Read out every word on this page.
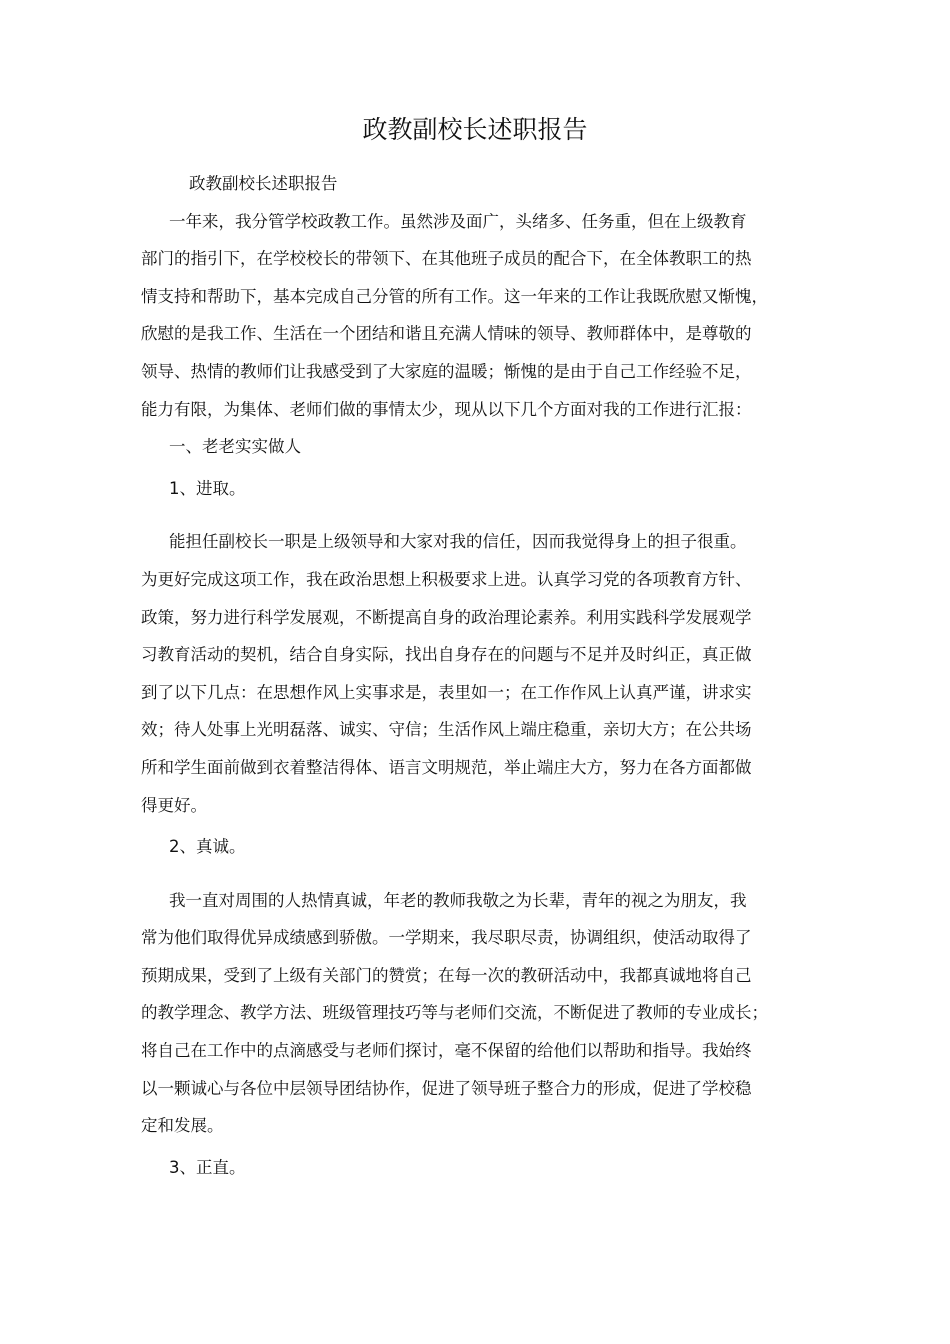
政教副校长述职报告
政教副校长述职报告
一年来，我分管学校政教工作。虽然涉及面广，头绪多、任务重，但在上级教育
部门的指引下，在学校校长的带领下、在其他班子成员的配合下，在全体教职工的热
情支持和帮助下，基本完成自己分管的所有工作。这一年来的工作让我既欣慰又惭愧，
欣慰的是我工作、生活在一个团结和谐且充满人情味的领导、教师群体中，是尊敬的
领导、热情的教师们让我感受到了大家庭的温暖；惭愧的是由于自己工作经验不足，
能力有限，为集体、老师们做的事情太少，现从以下几个方面对我的工作进行汇报：
一、老老实实做人
1、进取。
能担任副校长一职是上级领导和大家对我的信任，因而我觉得身上的担子很重。
为更好完成这项工作，我在政治思想上积极要求上进。认真学习党的各项教育方针、
政策，努力进行科学发展观，不断提高自身的政治理论素养。利用实践科学发展观学
习教育活动的契机，结合自身实际，找出自身存在的问题与不足并及时纠正，真正做
到了以下几点：在思想作风上实事求是，表里如一；在工作作风上认真严谨，讲求实
效；待人处事上光明磊落、诚实、守信；生活作风上端庄稳重，亲切大方；在公共场
所和学生面前做到衣着整洁得体、语言文明规范，举止端庄大方，努力在各方面都做
得更好。
2、真诚。
我一直对周围的人热情真诚，年老的教师我敬之为长辈，青年的视之为朋友，我
常为他们取得优异成绩感到骄傲。一学期来，我尽职尽责，协调组织，使活动取得了
预期成果，受到了上级有关部门的赞赏；在每一次的教研活动中，我都真诚地将自己
的教学理念、教学方法、班级管理技巧等与老师们交流，不断促进了教师的专业成长；
将自己在工作中的点滴感受与老师们探讨，毫不保留的给他们以帮助和指导。我始终
以一颗诚心与各位中层领导团结协作，促进了领导班子整合力的形成，促进了学校稳
定和发展。
3、正直。
